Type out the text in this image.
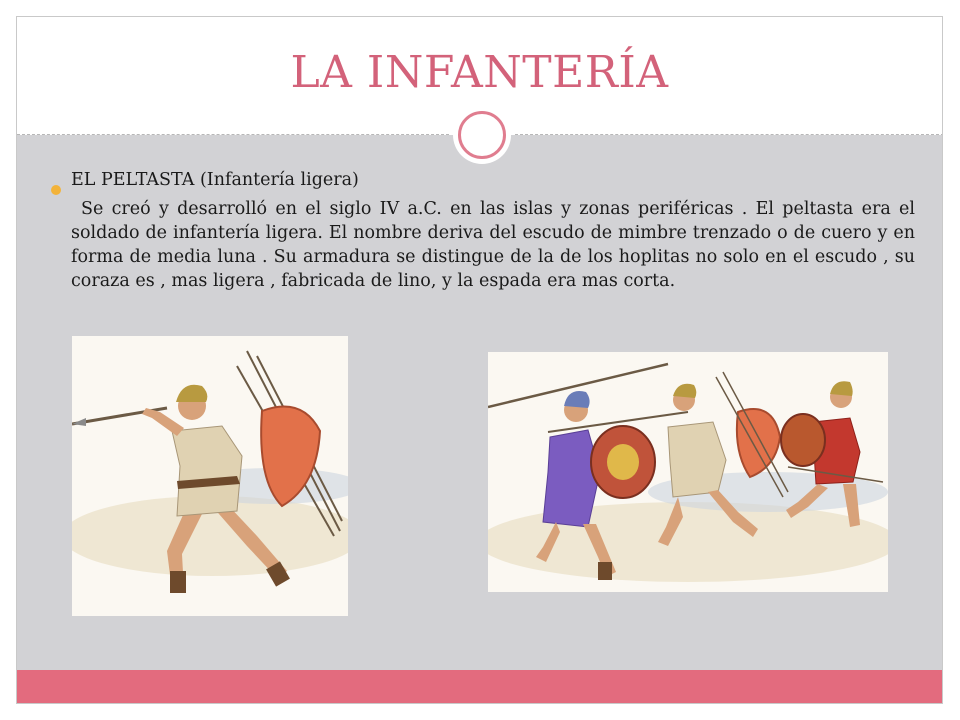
LA INFANTERÍA
EL PELTASTA (Infantería ligera)
Se creó y desarrolló en el siglo IV a.C. en las islas y zonas periféricas . El peltasta era el soldado de infantería ligera. El nombre deriva del escudo de mimbre trenzado o de cuero y en forma de media luna . Su armadura se distingue de la de los hoplitas no solo en el escudo , su coraza es , mas ligera , fabricada de lino, y la espada era mas corta.
